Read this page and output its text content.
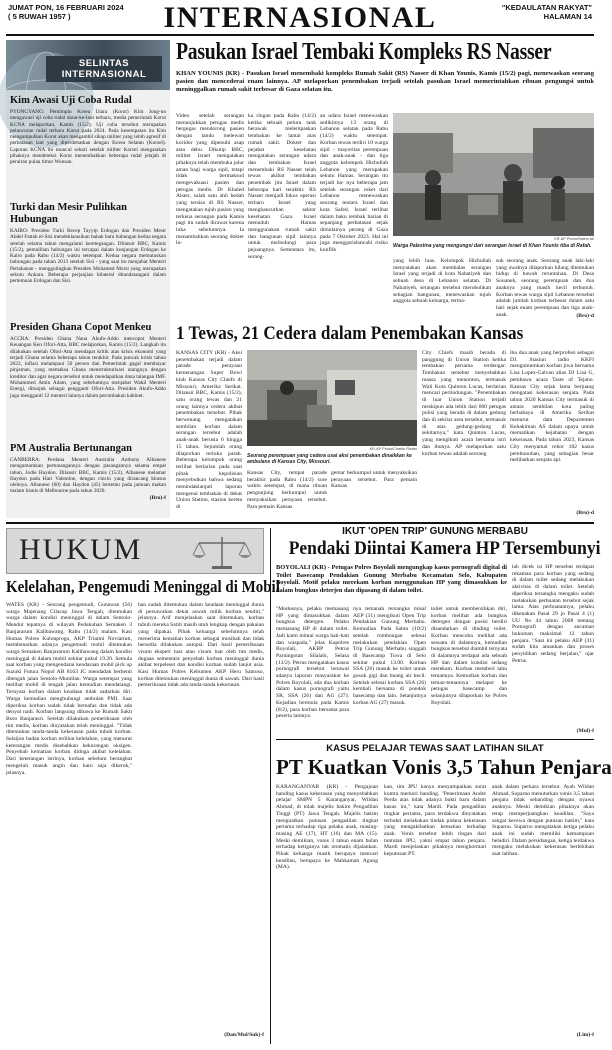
JUMAT PON, 16 FEBRUARI 2024
( 5 RUWAH 1957 )	INTERNASIONAL	"KEDAULATAN RAKYAT"
HALAMAN 14
SELINTAS INTERNASIONAL
Kim Awasi Uji Coba Rudal
PYONGYANG: Pemimpin Korea Utara (Korut) Kim Jong-un mengawasi uji coba rudal darat-ke-laut terbaru, media pemerintah Korut KCNA melaporkan, Kamis (15/2). Uji coba tersebut merupakan peluncuran rudal terbaru Korut pada 2024. Pada kesempatan itu Kim mengumpulkan Korut akan mengambil sikap militer yang lebih agresif di perbatasan laut yang diperdebatkan dengan Korea Selatan (Korsel). Laporan KCNA itu muncul sehari setelah militer Korsel mengatakan pihaknya mendeteksi Korut menembakkan beberapa rudal jelajah di perairan pulau timur Wonsan.
Turki dan Mesir Pulihkan Hubungan
KAIRO: Presiden Turki Recep Tayyip Erdogan dan Presiden Mesir Abdel Fattah el-Sisi mendeklarasikan babak baru hubungan kedua negara setelah selama tahun mengalami keretegangan. Dilansir BBC, Kamis (15/2), pemulihan hubungan ini tercapai dalam kunjungan Erdogan ke Kairo pada Rabu (14/2) waktu setempat. Kedua negara memutuskan hubungan pada tahun 2013 setelah Sisi - yang saat itu menjabat Menteri Pertahanan - menggulingkan Presiden Mohamed Morsi yang merupakan sekutu Ankara. Beberapa perjanjian bilateral ditandatangani dalam pertemuan Erdogan dan Sisi.
Presiden Ghana Copot Menkeu
ACCRA: Presiden Ghana Nana Akufo-Addo mencopot Menteri Keuangan Ken Ofori-Atta, BBC melaporkan, Kamis (15/2). Langkah itu dilakukan setelah Ofori-Atta mendapat kritik atas krisis ekonomi yang terjadi Ghana selama beberapa tahun terakhir. Pada puncak krisis tahun 2022, inflasi melampaui 50 persen dan Pemerintah gagal membayar pinjaman, yang memaksa Ghana menstrukturisasi utangnya dengan kreditor dan agar negara tersebut untuk mendapatkan dana talangan IMF. Mohammed Amin Adam, yang sebelumnya menjabat Wakil Menteri Energi, ditunjuk sebagai pengganti Ofori-Atta. Presiden Akufo-Addo juga mengganti 12 menteri lainnya dalam perombakan kabinet.
PM Australia Bertunangan
CANBERRA: Perdana Menteri Australia Anthony Albanese mengumumkan pertunangannya dengan pasangannya selama empat tahun, Jodie Haydon. Dilansir BBC, Kamis (15/2), Albanese melamar Haydon pada Hari Valentine, dengan cincin yang dirancang khusus olehnya. Albanese (60) dan Haydon (45) bertemu pada jamuan makan malam bisnis di Melbourne pada tahun 2020.
(Bro)-f
Pasukan Israel Tembaki Kompleks RS Nasser
KHAN YOUNIS (KR) - Pasukan Israel menembaki kompleks Rumah Sakit (RS) Nasser di Khan Younis, Kamis (15/2) pagi, menewaskan seorang pasien dan mencederai enam lainnya. AP melaporkan penembakan terjadi setelah pasukan Israel memerintahkan ribuan pengungsi untuk meninggalkan rumah sakit terbesar di Gaza selatan itu.
Video setelah serangan menunjukkan petugas medis bergegas mendorong pasien dengan tandu melewati koridor yang dipenuhi asap atau debu. Dikutip BBC, militer Israel mengatakan pihaknya telah membuka jalur aman bagi warga sipil, tetapi tidak bermaksud mengevakuasi pasien dan petugas medis. Dr Khaled Alserr, salah satu ahli bedah yang tersisa di RS Nasser, mengatakan tujuh pasien yang terkena serangan pada Kamis pagi itu sudah dirawat karena luka sebelumnya. Ia menambahkan seorang dokter lu-
ka ringan pada Rabu (14/2) ketika sebuah peluru tank berawak melempaskan tembakan ke lantai atas rumah sakit. Dokter dan pejabat kesehatan mengatakan serangan udara dan tembakan Israel menembaki RS Nasser telah tewas akibat tembakan penembak jitu Israel dalam beberapa hari terakhir. RS Nasser menjadi fokus operasi terbaru Israel yang menghancurkan sektor kesehatan Gaza. Israel menuduh Hamas menggunakan rumah sakit dan bangunan sipil lainnya untuk melindungi para pejuangnya. Sementara itu, serang-
an udara Israel menewaskan sedikitnya 13 orang di Lebanon selatan pada Rabu (14/2) waktu setempat. Korban tewas terdiri 10 warga sipil - mayoritas perempuan dan anak-anak - dan tiga anggota kelompok Hizbullah Lebanon yang merupakan sekutu Hamas. Serangan itu terjadi ha- nya beberapa jam setelah serangan roket dari Lebanon menewaskan seorang tentara Israel dan kota Safed. Israel terlibat dalam baku tembak harian di sepanjang perbatasan sejak dimulainya perang di Gaza pada 7 Oktober 2023. Hal ini juga menggarisbawahi risiko konflik
KR-AP Photo/Hatem Ali
Warga Palestina yang mengungsi dari serangan Israel di Khan Younis tiba di Rafah.
yang lebih luas. Kelompok Hizbullah menyatakan akan membalas serangan Israel yang terjadi di kota Nabatiyeh dan sebuah desa di Lebanon selatan. Di Nabatiyeh, serangan tersebut merobohkan sebagian bangunan, menewaskan tujuh anggota sebuah keluarga, terma-
suk seorang anak. Seorang anak laki-laki yang awalnya dilaporkan hilang ditemukan hidup di bawah reruntuhan. Di Desa Souaneh, seorang perempuan dan dua anaknya yang masih kecil terbunuh. Korban tewas warga sipil Lebanon tersebut adalah jumlah korban terbesar dalam satu hari sejak enam perempuan dan tiga anak-anak.	(Bro)-d
1 Tewas, 21 Cedera dalam Penembakan Kansas
KANSAS CITY (KR) - Aksi penembakan terjadi dalam parade perayaan kemenangan Super Bowl klub Kansas City Chiefs di Missouri, Amerika Serikat. Dilansir BBC, Kamis (15/2), satu orang tewas dan 21 orang lainnya cedera akibat penembakan tersebut. Pihak berwenang mengatakan sembilan korban dalam serangan tersebut adalah anak-anak berusia 6 hingga 15 tahun. Sejumlah orang dilaporkan terluka parah. Beberapa kelompok orang terlihat berlarian pada saat pihak kepolisian menyebutkan bahwa sedang menindaklanjuti laporan mengenai tembakan di dekat Union Station, stasiun kereta di
KR-AP Photo/Charlie Riedel
Seorang perempuan yang cedera usai aksi penembakan dinaikkan ke ambulans di Kansas City, Missouri.
Kansas City, tempat parade berakhir pada Rabu (14/2) sore waktu setempat, di mana ribuan pengunjung berkumpul untuk menyaksikan perayaan tersebut. Para pemain Kansas
gemar berkumpul untuk menyaksikan perayaan tersebut. Para pemain Kansas
City Chiefs masih berada di panggung di Union Station ketika tembakan pertama terdengar. Tembakan tersebut menyebabkan massa yang menonton, termasuk Wali Kota Quinton Lucas, berlarian mencari perlindungan. "Penembakan di luar Union Station terjadi meskipun ada lebih dari 800 petugas polisi yang berada di dalam gedung dan di sekitar area tersebut, termasuk di atas gedung-gedung di sekitarnya," kata Quinton Lucas, yang mengikuti acara bersama istri dan ibunya. AP melaporkan satu korban tewas adalah seorang
ibu dua anak yang berprofesi sebagai DJ. Stasiun radio KKFI mengumumkan korban jiwa bernama Lisa Lopez-Galvan alias DJ Lisa G, pembawa acara Taste of Tejano. Kansas City sejak lama berjuang mengatasi kekerasan senjata. Pada tahun 2020 Kansas City termasuk di antara sembilan kota paling berbahaya di Amerika Serikat menurut data Departemen Kehakiman AS dalam upaya untuk mematikan kejahatan dengan kekerasan. Pada tahun 2023, Kansas City menyamai rekor 182 kasus pembunuhan, yang sebagian besar melibatkan senjata api.
(Bro)-d
HUKUM
Kelelahan, Pengemudi Meninggal di Mobil
WATES (KR) - Seorang pengemudi, Gunawan (56) warga Majenang Cilacap Jawa Tengah, ditemukan warga dalam kondisi meninggal di dalam Sentolo-Mendut tepatnya di wilayah Pedukuhan Semaken 3 Banjararum Kalibawang, Rabu (14/2) malam. Kasi Humas Polres Kulonprogo, AKP Triatmi Noviartuti, membenarkan adanya pengemudi mobil ditemukan warga Semaken Banjararum Kalibawang dalam kondisi meninggal di dalam mobil sekitar pukul 19.20. Semula saat korban yang mengendarai kendaraan mobil pick up Suzuki Futura Nopol AB 8163 JC mendadak berhenti ditengah jalan Sentolo-Muntilan. Warga setempat yang melihat mobil di tengah jalan kemudian mendatangi. Ternyata korban dalam keadaan tidak sadarkan diri. Warga kemudian menghubungi ambulan PMI. Saat diperiksa korban sudah tidak bernafas dan tidak ada denyut nadi. Korban langsung dibawa ke Rumah Sakit Boro Banjarasri. Setelah dilakukan pemeriksaan oleh tim medis, korban dinyatakan telah meninggal. "Tidak ditemukan tanda-tanda kekerasan pada tubuh korban. Selaijun badan korban terlihat kelelahan, yang menurut keterangan medis disebabkan kekurangan oksigen. Penyebab kematian korban diduga akibat kelelahan. Dari keterangan istrinya, korban sebelum berangkat mengeluh masuk angin dan baru saja dikerok," jelasnya.
han sudah ditemukan dalam keadaan meninggal dunia di persawahan dekat aswah milik korban sendiri," jelasnya. Arif menjelaskan saat ditemukan, korban tubuh mereka Satiti masih utuh lengkap dengan pakaian yang dipakai. Pihak keluarga sebelumnya telah menerima kematian korban sebagai musibah dan tidak bersedia dilakukan autopsi. Dari hasil pemeriksaan visum ekspert luar atau visum luar oleh tim medis, dugaan sementara penyebab korban meninggal dunia akibat terpeleset dan kondisi korban sudah lanjut usia. Kasi Humas Polres Kebumen AKP Heru Santoso, korban ditemukan meninggal dunia di sawah. Dari hasil pemeriksaan tidak ada tanda-tanda kekerasan.
(Dan/Mul/Suk)-f
IKUT 'OPEN TRIP' GUNUNG MERBABU
Pendaki Diintai Kamera HP Tersembunyi
BOYOLALI (KR) - Petugas Polres Boyolali mengungkap kasus pornografi digital di Toilet Basecamp Pendakian Gunung Merbabu Kecamatan Selo, Kabupaten Boyolali. Motif pelaku merekam korban menggunakan HP yang dimasukkan ke dalam bungkus deterjen dan dipasang di dalam toilet.
"Modusnya, pelaku memasang HP yang dimasukkan dalam bungkus detergen. Pelaku memasang HP di dalam toilet. Jadi kami mintai warga hati-hati dan waspada," jelas Kapolres Boyolali, AKBP Petrus Parningotan Silalahi, Selasa (13/2). Petrus mengatakan kasus pornografi tersebut berawal adanya laporan masyarakat ke Polres Boyolali, ada dua korban dalam kasus pornografi yaitu SR, SSA (26) dan AG (27). Kejadian bermula pada Kamis (8/2), para korban bersama para peserta lainnya.
nya temanah tersangka misal AEP (31) mengikuti Open Trip Pendakian Gunung Merbabu. Kemudian Pada Sabtu (10/2) setelah rombongan selesai melakukan pendakian Open Trip Gunung Merbabu singgah di Basecamp Tuwa di Selo sekitar pukul 13.00. Korban SSA (26) masuk ke toilet untuk gosok gigi dan buang air kecil. Setelah selesai korban SSA (26) kembali bersama di pondok basecamp dan lain. Selanjutnya korban AG (27) masuk.
toilet untuk membersihkan diri, korban melihat ada bungkus detergen dengan posisi berdiri disandarkan di dinding toilet. Korban mencoba melihat ada sesuatu di dalamnya, kemudian bungkus tersebut diambil ternyata di dalamnya terdapat ada sebuah HP dan dalam kondisi sedang merekam. Korban memberi tahu temannya. Kemudian korban dan teman-temannya melapor ke petugas basecamp dan selanjutnya dilaporkan ke Polres Boyolali.
lah dicek isi HP tersebut terdapat rekaman para korban yang sedang di dalam toilet sedang melakukan aktivitas di dalam toilet. Setelah diperiksa tersangka mengaku sudah melakukan perbuatan tersebut sejak lama. Atas perbuatannya, pelaku dikenakan Pasal 29 jo Pasal 4 (1) UU No 44 tahun 2008 tentang Pornografi dengan ancaman hukuman maksimal 12 tahun penjara. "Saat ini pelaku AEP (31) sudah kita amankan dan proses penyidikan sedang berjalan," ujar Petrus.
(Mul)-f
KASUS PELAJAR TEWAS SAAT LATIHAN SILAT
PT Kuatkan Vonis 3,5 Tahun Penjara
KARANGANYAR (KR) - Pengajuan banding kasus kekerasan yang menyebabkan pelajar SMPN 5 Karanganyar, Wildan Ahmad, di tolak majelis hakim Pengadilan Tinggi (PT) Jawa Tengah. Majelis hakim menguatkan putusan pengadilan tingkat pertama terhadap tiga pelaku anak, masing-masing AE (17), HT (16) dan MA (15). Meski demikian, vonis 3 tahun enam bulan terhadap ketiganya tak otomatis dijalankan. Pihak keluarga masih berupaya mencari keadilan, berupaya ke Mahkamah Agung (MA).
kan, tim JPU hanya menyampaikan surat kontra memori banding. "Penerimaan Andre Perda atas tidak adanya bukti baru dalam kasus ini," kata Mardi. Pada pengadilan tingkat pertama, para terdakwa dinyatakan terbukti melakukan tindak pidana kekerasan yang mengakibatkan kematian terhadap anak. Vonis tersebut lebih ringan dari tuntutan JPU, yakni empat tahun penjara. Mardi menjelaskan pihaknya menghormati keputusan PT.
anak dalam perkara tersebut. Ayah Wildan Ahmad, Suparno menuturkan vonis 3,5 tahun penjara tidak sebanding dengan nyawa anaknya. Meski demikian pihaknya akan tetap memperjuangkan keadilan. "Saya sangat kecewa dengan putusan hakim," kata Suparno. Suparno mengatakan ketiga pelaku anak ini sudah memiliki kemampuan beladiri. Dalam persidangan, ketiga terdakwa mengaku melakukan kekerasan berlebihan saat latihan.
(Lim)-f
